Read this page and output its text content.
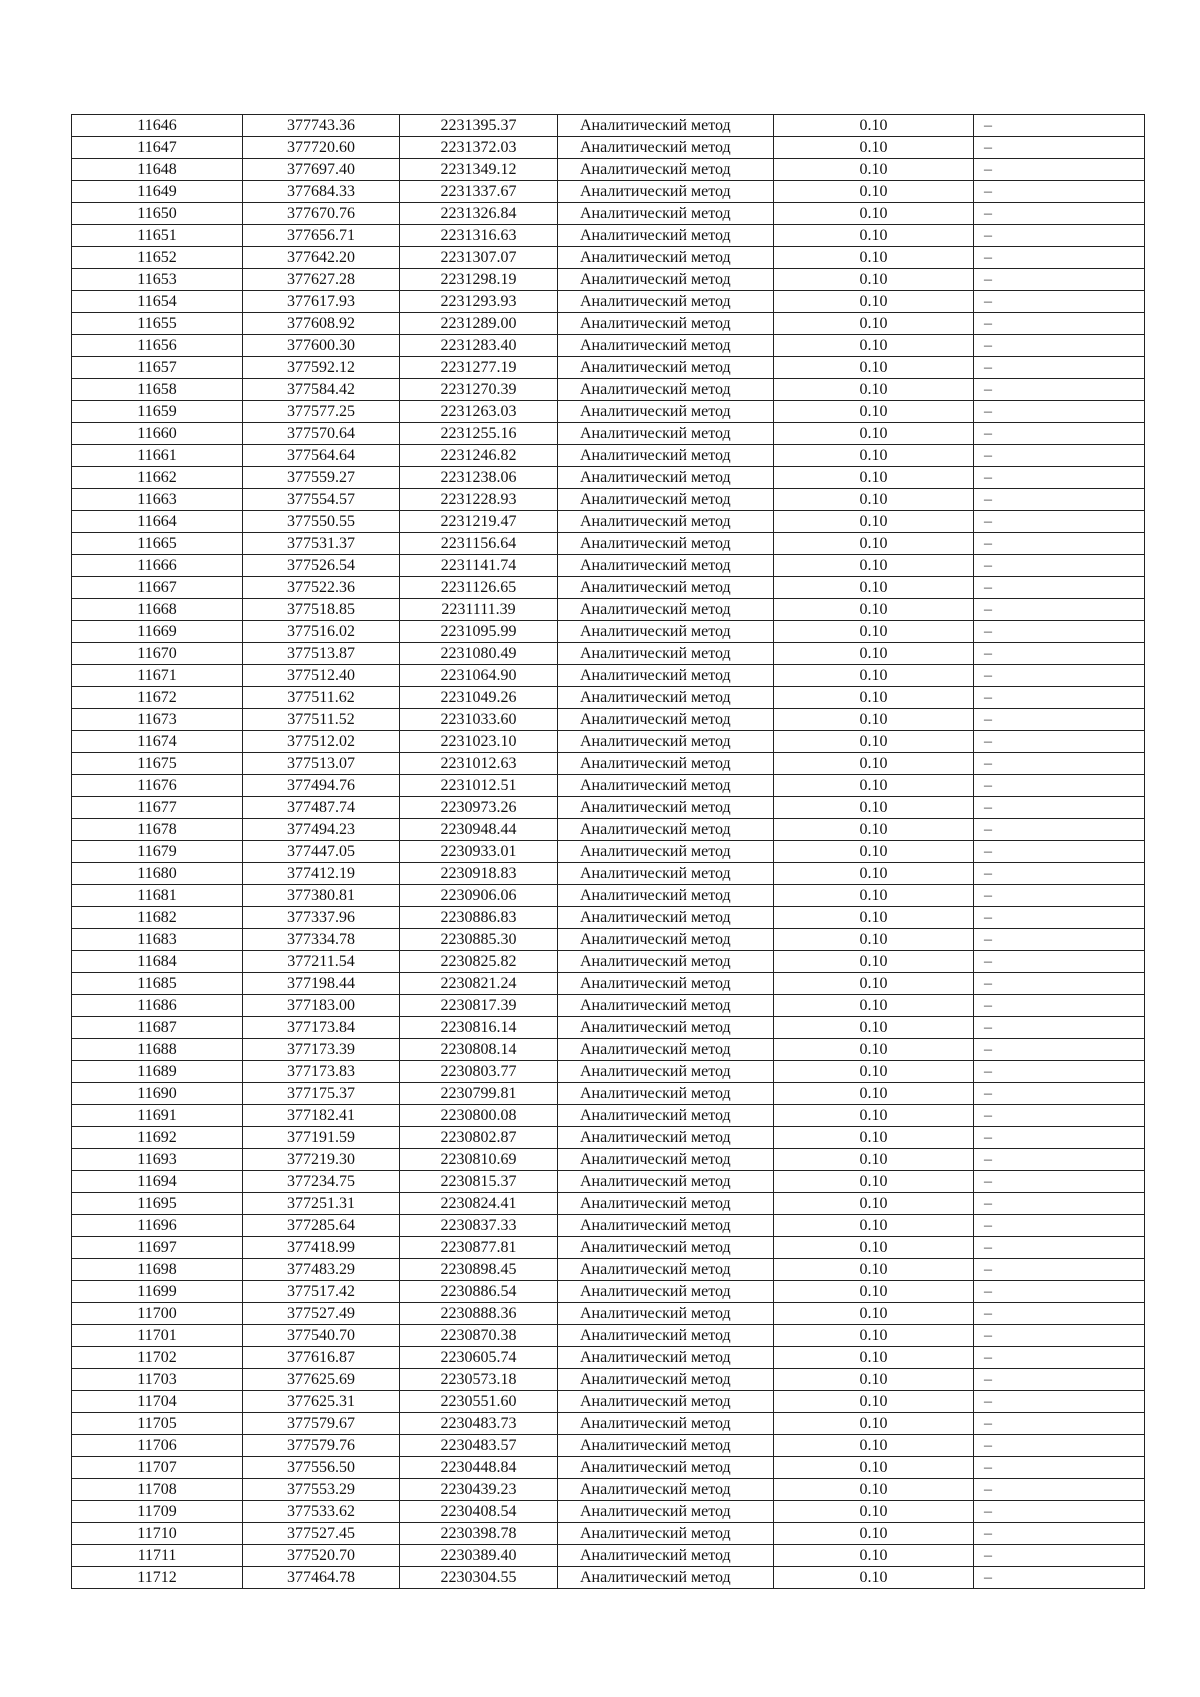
11646	377743.36	2231395.37	Аналитический метод	0.10	–
11647	377720.60	2231372.03	Аналитический метод	0.10	–
11648	377697.40	2231349.12	Аналитический метод	0.10	–
11649	377684.33	2231337.67	Аналитический метод	0.10	–
11650	377670.76	2231326.84	Аналитический метод	0.10	–
11651	377656.71	2231316.63	Аналитический метод	0.10	–
11652	377642.20	2231307.07	Аналитический метод	0.10	–
11653	377627.28	2231298.19	Аналитический метод	0.10	–
11654	377617.93	2231293.93	Аналитический метод	0.10	–
11655	377608.92	2231289.00	Аналитический метод	0.10	–
11656	377600.30	2231283.40	Аналитический метод	0.10	–
11657	377592.12	2231277.19	Аналитический метод	0.10	–
11658	377584.42	2231270.39	Аналитический метод	0.10	–
11659	377577.25	2231263.03	Аналитический метод	0.10	–
11660	377570.64	2231255.16	Аналитический метод	0.10	–
11661	377564.64	2231246.82	Аналитический метод	0.10	–
11662	377559.27	2231238.06	Аналитический метод	0.10	–
11663	377554.57	2231228.93	Аналитический метод	0.10	–
11664	377550.55	2231219.47	Аналитический метод	0.10	–
11665	377531.37	2231156.64	Аналитический метод	0.10	–
11666	377526.54	2231141.74	Аналитический метод	0.10	–
11667	377522.36	2231126.65	Аналитический метод	0.10	–
11668	377518.85	2231111.39	Аналитический метод	0.10	–
11669	377516.02	2231095.99	Аналитический метод	0.10	–
11670	377513.87	2231080.49	Аналитический метод	0.10	–
11671	377512.40	2231064.90	Аналитический метод	0.10	–
11672	377511.62	2231049.26	Аналитический метод	0.10	–
11673	377511.52	2231033.60	Аналитический метод	0.10	–
11674	377512.02	2231023.10	Аналитический метод	0.10	–
11675	377513.07	2231012.63	Аналитический метод	0.10	–
11676	377494.76	2231012.51	Аналитический метод	0.10	–
11677	377487.74	2230973.26	Аналитический метод	0.10	–
11678	377494.23	2230948.44	Аналитический метод	0.10	–
11679	377447.05	2230933.01	Аналитический метод	0.10	–
11680	377412.19	2230918.83	Аналитический метод	0.10	–
11681	377380.81	2230906.06	Аналитический метод	0.10	–
11682	377337.96	2230886.83	Аналитический метод	0.10	–
11683	377334.78	2230885.30	Аналитический метод	0.10	–
11684	377211.54	2230825.82	Аналитический метод	0.10	–
11685	377198.44	2230821.24	Аналитический метод	0.10	–
11686	377183.00	2230817.39	Аналитический метод	0.10	–
11687	377173.84	2230816.14	Аналитический метод	0.10	–
11688	377173.39	2230808.14	Аналитический метод	0.10	–
11689	377173.83	2230803.77	Аналитический метод	0.10	–
11690	377175.37	2230799.81	Аналитический метод	0.10	–
11691	377182.41	2230800.08	Аналитический метод	0.10	–
11692	377191.59	2230802.87	Аналитический метод	0.10	–
11693	377219.30	2230810.69	Аналитический метод	0.10	–
11694	377234.75	2230815.37	Аналитический метод	0.10	–
11695	377251.31	2230824.41	Аналитический метод	0.10	–
11696	377285.64	2230837.33	Аналитический метод	0.10	–
11697	377418.99	2230877.81	Аналитический метод	0.10	–
11698	377483.29	2230898.45	Аналитический метод	0.10	–
11699	377517.42	2230886.54	Аналитический метод	0.10	–
11700	377527.49	2230888.36	Аналитический метод	0.10	–
11701	377540.70	2230870.38	Аналитический метод	0.10	–
11702	377616.87	2230605.74	Аналитический метод	0.10	–
11703	377625.69	2230573.18	Аналитический метод	0.10	–
11704	377625.31	2230551.60	Аналитический метод	0.10	–
11705	377579.67	2230483.73	Аналитический метод	0.10	–
11706	377579.76	2230483.57	Аналитический метод	0.10	–
11707	377556.50	2230448.84	Аналитический метод	0.10	–
11708	377553.29	2230439.23	Аналитический метод	0.10	–
11709	377533.62	2230408.54	Аналитический метод	0.10	–
11710	377527.45	2230398.78	Аналитический метод	0.10	–
11711	377520.70	2230389.40	Аналитический метод	0.10	–
11712	377464.78	2230304.55	Аналитический метод	0.10	–
